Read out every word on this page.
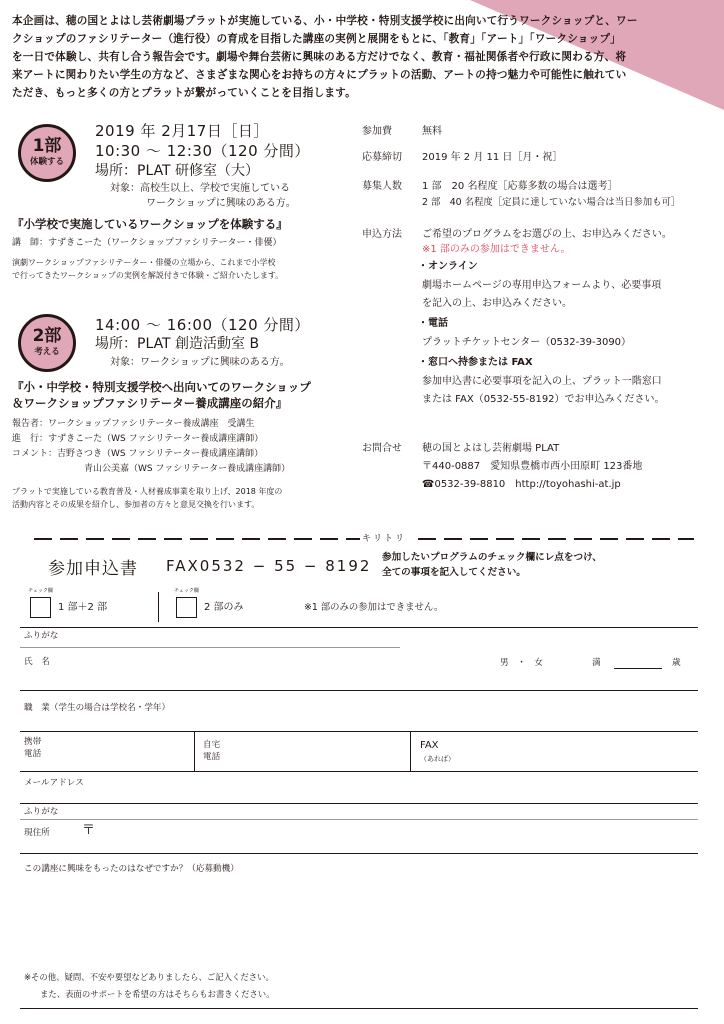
本企画は、穂の国とよはし芸術劇場プラットが実施している、小・中学校・特別支援学校に出向いて行うワークショップと、ワー
クショップのファシリテーター（進行役）の育成を目指した講座の実例と展開をもとに、「教育」「アート」「ワークショップ」
を一日で体験し、共有し合う報告会です。劇場や舞台芸術に興味のある方だけでなく、教育・福祉関係者や行政に関わる方、将
来アートに関わりたい学生の方など、さまざまな関心をお持ちの方々にプラットの活動、アートの持つ魅力や可能性に触れてい
ただき、もっと多くの方とプラットが繋がっていくことを目指します。
1部
体験する
2019 年 2月17日［日］
10:30 〜 12:30（120 分間）
場所：PLAT 研修室（大）
対象：高校生以上、学校で実施している
ワークショップに興味のある方。
『小学校で実施しているワークショップを体験する』
講　師：すずきこーた（ワークショップファシリテーター・俳優）
演劇ワークショップファシリテーター・俳優の立場から、これまで小学校
で行ってきたワークショップの実例を解説付きで体験・ご紹介いたします。
2部
考える
14:00 〜 16:00（120 分間）
場所：PLAT 創造活動室 B
対象：ワークショップに興味のある方。
『小・中学校・特別支援学校へ出向いてのワークショップ
＆ワークショップファシリテーター養成講座の紹介』
報告者：ワークショップファシリテーター養成講座　受講生
進　行：すずきこーた（WS ファシリテーター養成講座講師）
コメント：吉野さつき（WS ファシリテーター養成講座講師）
青山公美嘉（WS ファシリテーター養成講座講師）
プラットで実施している教育普及・人材養成事業を取り上げ、2018 年度の
活動内容とその成果を紹介し、参加者の方々と意見交換を行います。
参加費	無料
応募締切 2019 年 2 月 11 日［月・祝］
募集人数 1 部　20 名程度［応募多数の場合は選考］
2 部　40 名程度［定員に達していない場合は当日参加も可］
申込方法 ご希望のプログラムをお選びの上、お申込みください。
※1 部のみの参加はできません。
・オンライン
劇場ホームページの専用申込フォームより、必要事項
を記入の上、お申込みください。
・電話
プラットチケットセンター（0532-39-3090）
・窓口へ持参または FAX
参加申込書に必要事項を記入の上、プラット一階窓口
または FAX（0532-55-8192）でお申込みください。
お問合せ 穂の国とよはし芸術劇場 PLAT
〒440-0887　愛知県豊橋市西小田原町 123番地
☎0532-39-8810　http://toyohashi-at.jp
キリトリ
参加申込書 FAX0532 − 55 − 8192 参加したいプログラムのチェック欄にレ点をつけ、
全ての事項を記入してください。
チェック欄
1 部＋2 部
チェック欄
2 部のみ	※1 部のみの参加はできません。
ふりがな
氏　名	男　・　女	満	歳
職　業（学生の場合は学校名・学年）
携帯
電話
自宅
電話
FAX
（あれば）
メールアドレス
ふりがな
現住所 〒
この講座に興味をもったのはなぜですか？（応募動機）
※その他、疑問、不安や要望などありましたら、ご記入ください。
また、表面のサポートを希望の方はそちらもお書きください。
